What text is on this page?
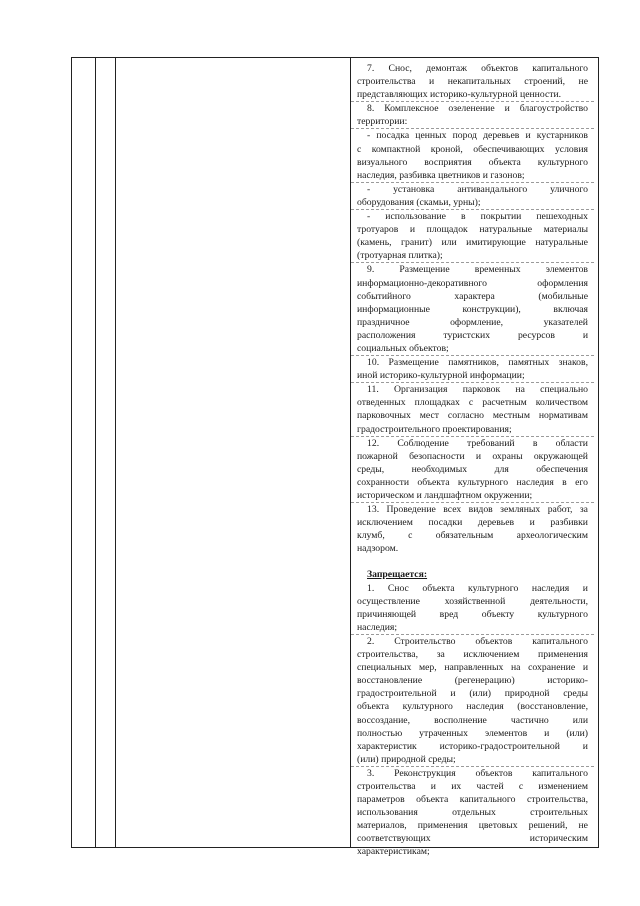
7. Снос, демонтаж объектов капитального
строительства и некапитальных строений, не
представляющих историко-культурной ценности.
8. Комплексное озеленение и благоустройство
территории:
- посадка ценных пород деревьев и кустарников
с компактной кроной, обеспечивающих условия
визуального восприятия объекта культурного
наследия, разбивка цветников и газонов;
- установка антивандального уличного
оборудования (скамьи, урны);
- использование в покрытии пешеходных
тротуаров и площадок натуральные материалы
(камень, гранит) или имитирующие натуральные
(тротуарная плитка);
9. Размещение временных элементов
информационно-декоративного оформления
событийного характера (мобильные
информационные конструкции), включая
праздничное оформление, указателей
расположения туристских ресурсов и
социальных объектов;
10. Размещение памятников, памятных знаков,
иной историко-культурной информации;
11. Организация парковок на специально
отведенных площадках с расчетным количеством
парковочных мест согласно местным нормативам
градостроительного проектирования;
12. Соблюдение требований в области
пожарной безопасности и охраны окружающей
среды, необходимых для обеспечения
сохранности объекта культурного наследия в его
историческом и ландшафтном окружении;
13. Проведение всех видов земляных работ, за
исключением посадки деревьев и разбивки
клумб, с обязательным археологическим
надзором.
Запрещается:
1. Снос объекта культурного наследия и
осуществление хозяйственной деятельности,
причиняющей вред объекту культурного
наследия;
2. Строительство объектов капитального
строительства, за исключением применения
специальных мер, направленных на сохранение и
восстановление (регенерацию) историко-
градостроительной и (или) природной среды
объекта культурного наследия (восстановление,
воссоздание, восполнение частично или
полностью утраченных элементов и (или)
характеристик историко-градостроительной и
(или) природной среды;
3. Реконструкция объектов капитального
строительства и их частей с изменением
параметров объекта капитального строительства,
использования отдельных строительных
материалов, применения цветовых решений, не
соответствующих историческим
характеристикам;
